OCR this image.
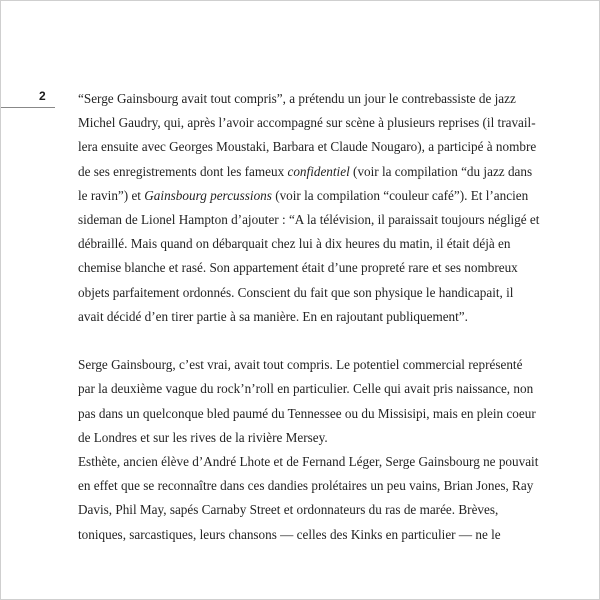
2 “Serge Gainsbourg avait tout compris”, a prétendu un jour le contrebassiste de jazz
Michel Gaudry, qui, après l’avoir accompagné sur scène à plusieurs reprises (il travail-
lera ensuite avec Georges Moustaki, Barbara et Claude Nougaro), a participé à nombre
de ses enregistrements dont les fameux confidentiel (voir la compilation “du jazz dans
le ravin”) et Gainsbourg percussions (voir la compilation “couleur café”). Et l’ancien
sideman de Lionel Hampton d’ajouter : “A la télévision, il paraissait toujours négligé et
débraillé. Mais quand on débarquait chez lui à dix heures du matin, il était déjà en
chemise blanche et rasé. Son appartement était d’une propreté rare et ses nombreux
objets parfaitement ordonnés. Conscient du fait que son physique le handicapait, il
avait décidé d’en tirer partie à sa manière. En en rajoutant publiquement”.
Serge Gainsbourg, c’est vrai, avait tout compris. Le potentiel commercial représenté
par la deuxième vague du rock’n’roll en particulier. Celle qui avait pris naissance, non
pas dans un quelconque bled paumé du Tennessee ou du Missisipi, mais en plein coeur
de Londres et sur les rives de la rivière Mersey.
Esthète, ancien élève d’André Lhote et de Fernand Léger, Serge Gainsbourg ne pouvait
en effet que se reconnaître dans ces dandies prolétaires un peu vains, Brian Jones, Ray
Davis, Phil May, sapés Carnaby Street et ordonnateurs du ras de marée. Brèves,
toniques, sarcastiques, leurs chansons — celles des Kinks en particulier — ne le
